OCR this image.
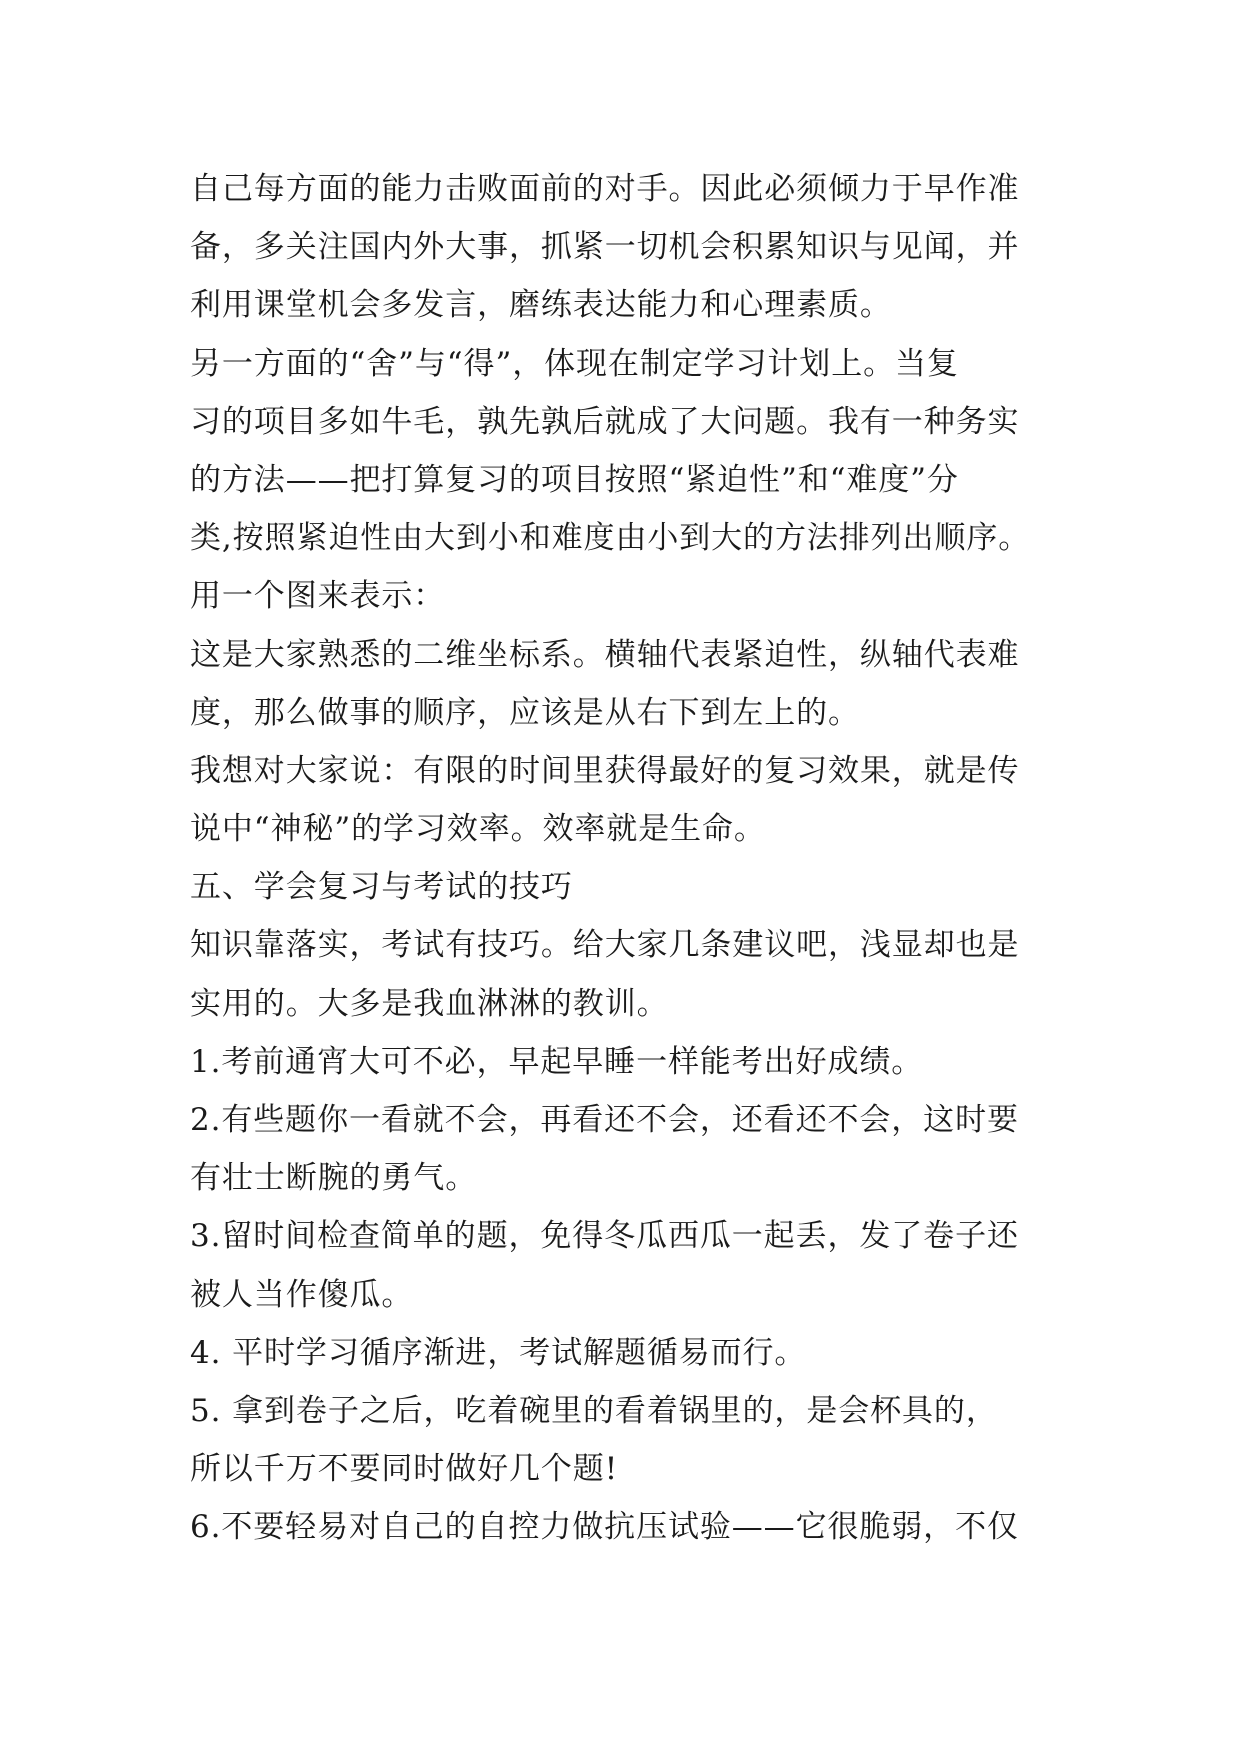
自己每方面的能力击败面前的对手。因此必须倾力于早作准
备，多关注国内外大事，抓紧一切机会积累知识与见闻，并
利用课堂机会多发言，磨练表达能力和心理素质。
另一方面的“舍”与“得”，体现在制定学习计划上。当复
习的项目多如牛毛，孰先孰后就成了大问题。我有一种务实
的方法——把打算复习的项目按照“紧迫性”和“难度”分
类,按照紧迫性由大到小和难度由小到大的方法排列出顺序。
用一个图来表示：
这是大家熟悉的二维坐标系。横轴代表紧迫性，纵轴代表难
度，那么做事的顺序，应该是从右下到左上的。
我想对大家说：有限的时间里获得最好的复习效果，就是传
说中“神秘”的学习效率。效率就是生命。
五、学会复习与考试的技巧
知识靠落实，考试有技巧。给大家几条建议吧，浅显却也是
实用的。大多是我血淋淋的教训。
1.考前通宵大可不必，早起早睡一样能考出好成绩。
2.有些题你一看就不会，再看还不会，还看还不会，这时要
有壮士断腕的勇气。
3.留时间检查简单的题，免得冬瓜西瓜一起丢，发了卷子还
被人当作傻瓜。
4. 平时学习循序渐进，考试解题循易而行。
5. 拿到卷子之后，吃着碗里的看着锅里的，是会杯具的，
所以千万不要同时做好几个题!
6.不要轻易对自己的自控力做抗压试验——它很脆弱，不仅
